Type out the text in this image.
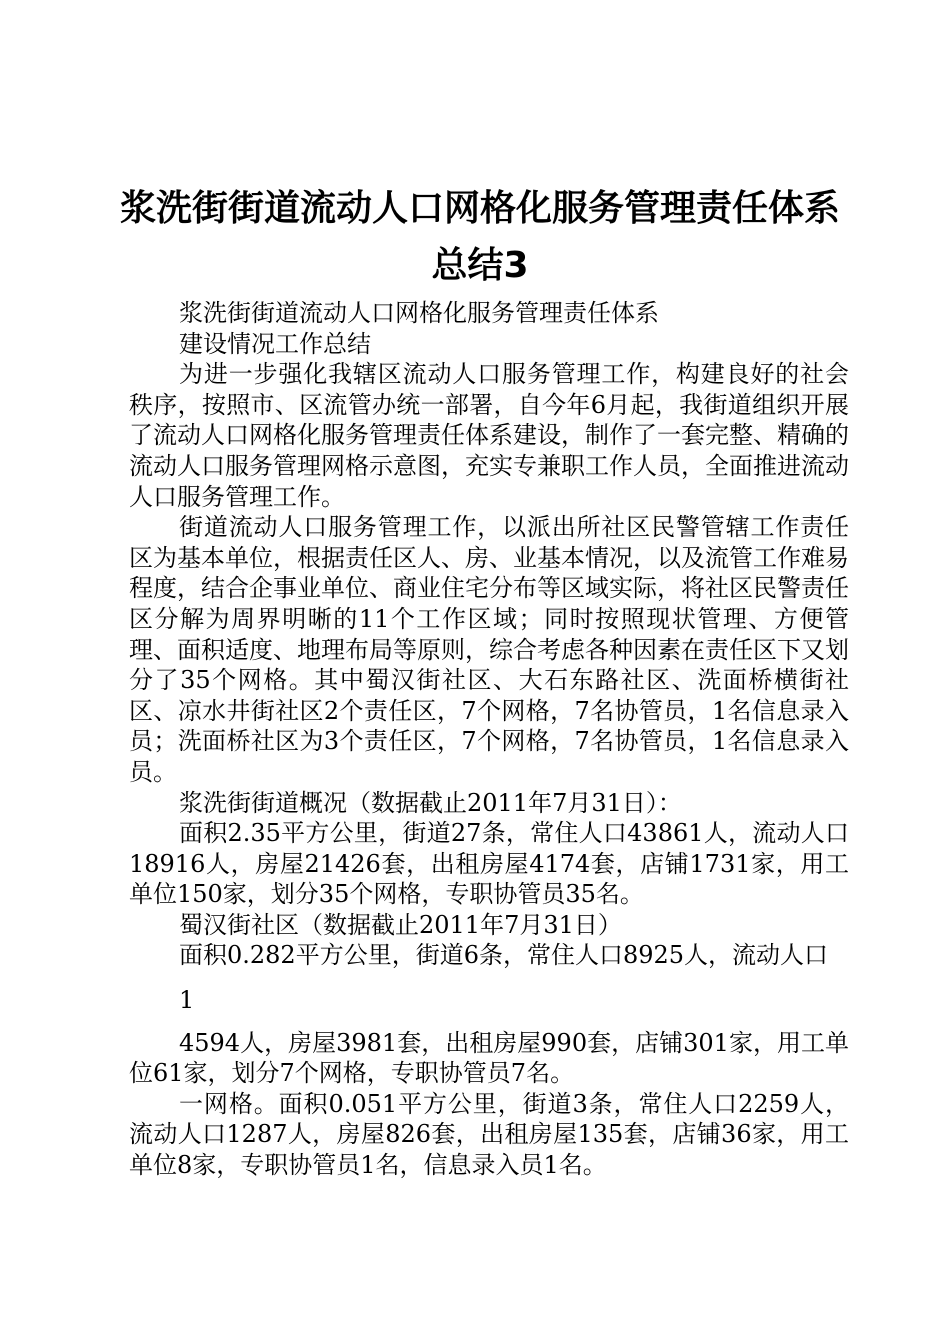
浆洗街街道流动人口网格化服务管理责任体系
总结3

浆洗街街道流动人口网格化服务管理责任体系

建设情况工作总结

为进一步强化我辖区流动人口服务管理工作，构建良好的社会秩序，按照市、区流管办统一部署，自今年6月起，我街道组织开展了流动人口网格化服务管理责任体系建设，制作了一套完整、精确的流动人口服务管理网格示意图，充实专兼职工作人员，全面推进流动人口服务管理工作。

街道流动人口服务管理工作，以派出所社区民警管辖工作责任区为基本单位，根据责任区人、房、业基本情况，以及流管工作难易程度，结合企事业单位、商业住宅分布等区域实际，将社区民警责任区分解为周界明晰的11个工作区域；同时按照现状管理、方便管理、面积适度、地理布局等原则，综合考虑各种因素在责任区下又划分了35个网格。其中蜀汉街社区、大石东路社区、洗面桥横街社区、凉水井街社区2个责任区，7个网格，7名协管员，1名信息录入员；洗面桥社区为3个责任区，7个网格，7名协管员，1名信息录入员。

浆洗街街道概况（数据截止2011年7月31日）：

面积2.35平方公里，街道27条，常住人口43861人，流动人口18916人，房屋21426套，出租房屋4174套，店铺1731家，用工单位150家，划分35个网格，专职协管员35名。

蜀汉街社区（数据截止2011年7月31日）

面积0.282平方公里，街道6条，常住人口8925人，流动人口

1

4594人，房屋3981套，出租房屋990套，店铺301家，用工单位61家，划分7个网格，专职协管员7名。

一网格。面积0.051平方公里，街道3条，常住人口2259人，流动人口1287人，房屋826套，出租房屋135套，店铺36家，用工单位8家，专职协管员1名，信息录入员1名。
